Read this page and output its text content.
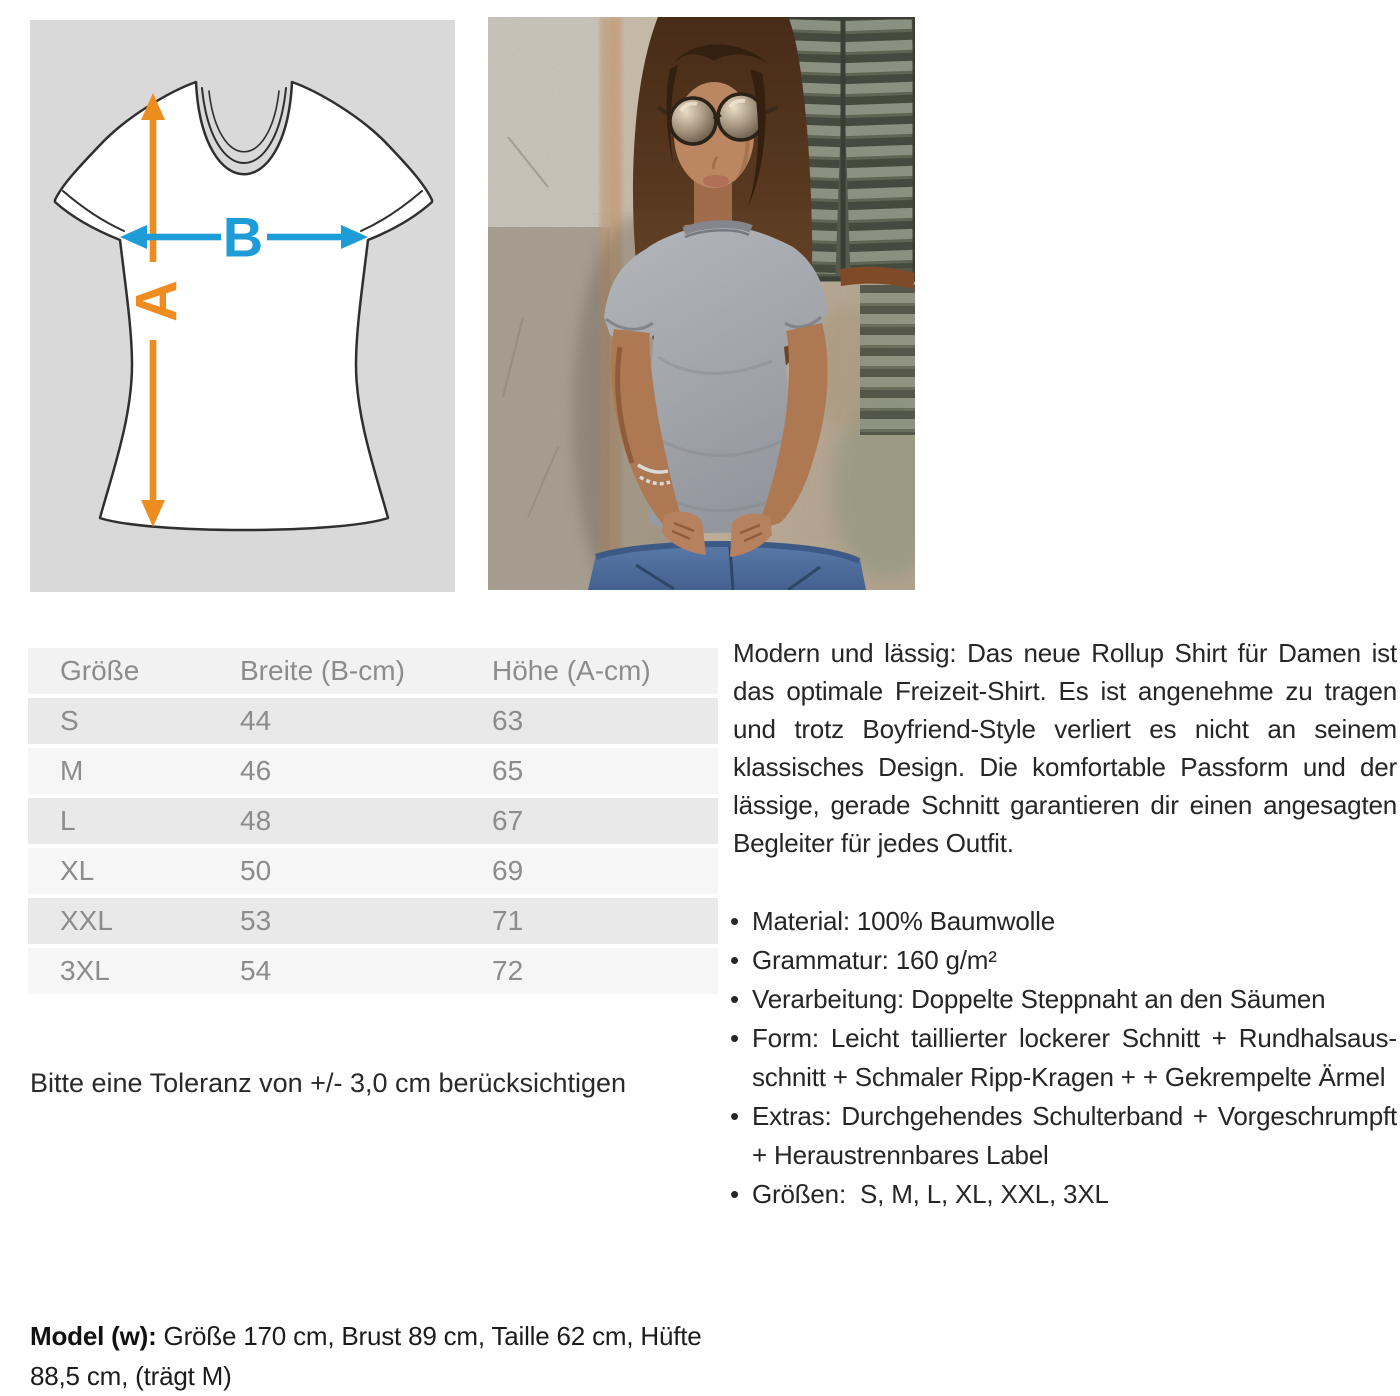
A
B
Größe	Breite (B-cm)	Höhe (A-cm)
S	44	63
M	46	65
L	48	67
XL	50	69
XXL	53	71
3XL	54	72

Bitte eine Toleranz von +/- 3,0 cm berücksichtigen

Modern und lässig: Das neue Rollup Shirt für Damen ist das optimale Freizeit-Shirt. Es ist angenehme zu tragen und trotz Boyfriend-Style verliert es nicht an seinem klassisches Design. Die komfortable Passform und der lässige, gerade Schnitt garantieren dir einen angesagten Begleiter für jedes Outfit.

• Material: 100% Baumwolle
• Grammatur: 160 g/m²
• Verarbeitung: Doppelte Steppnaht an den Säumen
• Form: Leicht taillierter lockerer Schnitt + Rundhalsausschnitt + Schmaler Ripp-Kragen + + Gekrempelte Ärmel
• Extras: Durchgehendes Schulterband + Vorgeschrumpft + Heraustrennbares Label
• Größen:  S, M, L, XL, XXL, 3XL

Model (w): Größe 170 cm, Brust 89 cm, Taille 62 cm, Hüfte 88,5 cm, (trägt M)
